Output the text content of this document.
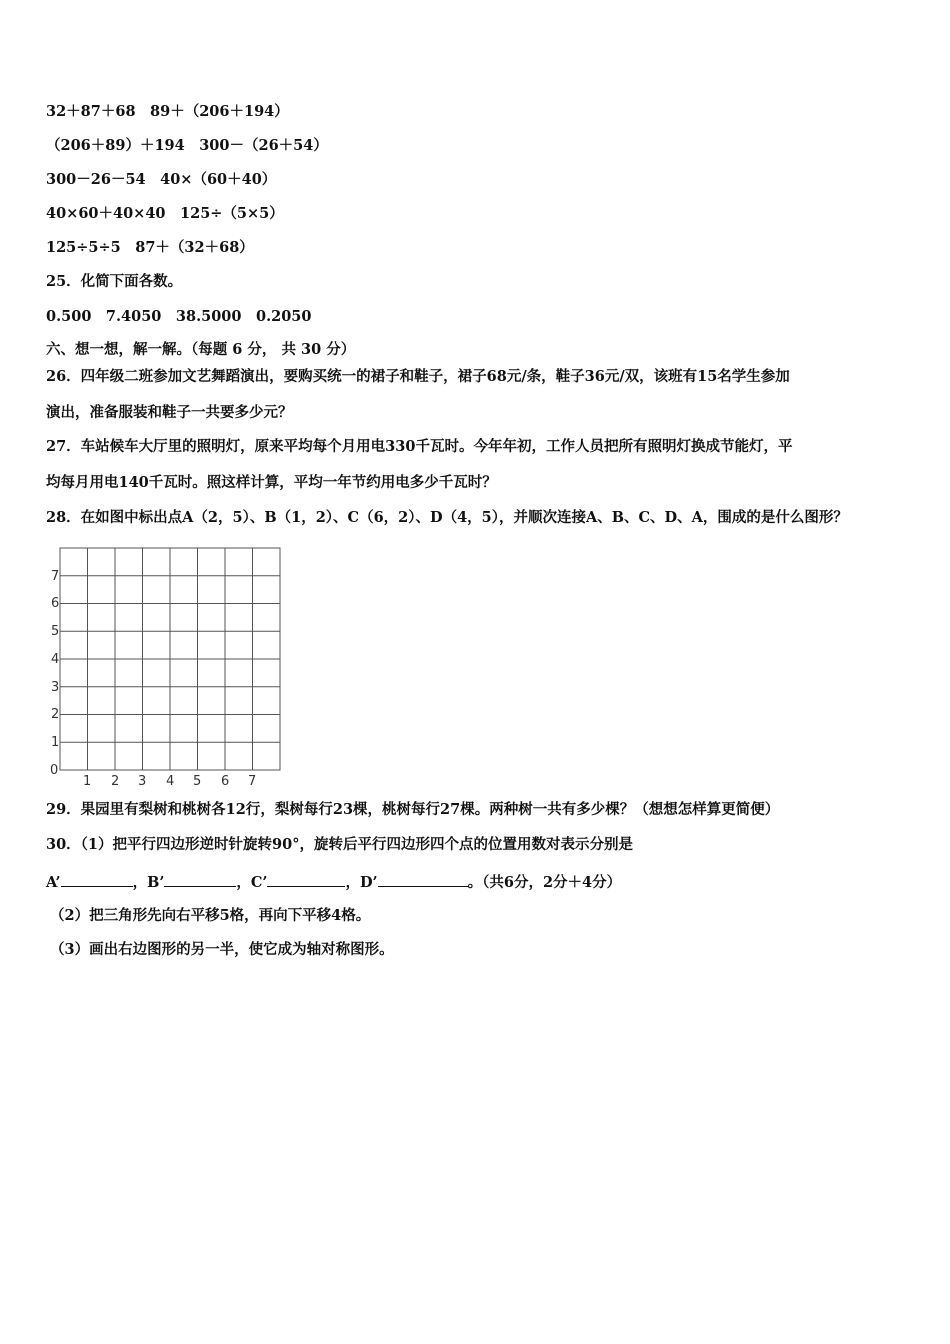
32＋87＋68　89＋（206＋194）
（206＋89）＋194　300－（26＋54）
300－26－54　40×（60＋40）
40×60＋40×40　125÷（5×5）
125÷5÷5　87＋（32＋68）
25．化简下面各数。
0.500　7.4050　38.5000　0.2050
六、想一想，解一解。（每题 6 分， 共 30 分）
26．四年级二班参加文艺舞蹈演出，要购买统一的裙子和鞋子，裙子68元/条，鞋子36元/双，该班有15名学生参加
演出，准备服装和鞋子一共要多少元？
27．车站候车大厅里的照明灯，原来平均每个月用电330千瓦时。今年年初，工作人员把所有照明灯换成节能灯，平
均每月用电140千瓦时。照这样计算，平均一年节约用电多少千瓦时？
28．在如图中标出点A（2，5）、B（1，2）、C（6，2）、D（4，5），并顺次连接A、B、C、D、A，围成的是什么图形？
7
6
5
4
3
2
1
0
1 2 3 4 5 6 7
29．果园里有梨树和桃树各12行，梨树每行23棵，桃树每行27棵。两种树一共有多少棵？（想想怎样算更简便）
30．（1）把平行四边形逆时针旋转90°，旋转后平行四边形四个点的位置用数对表示分别是
A’	，B’	，C’	，D’	。（共6分，2分＋4分）
（2）把三角形先向右平移5格，再向下平移4格。
（3）画出右边图形的另一半，使它成为轴对称图形。
